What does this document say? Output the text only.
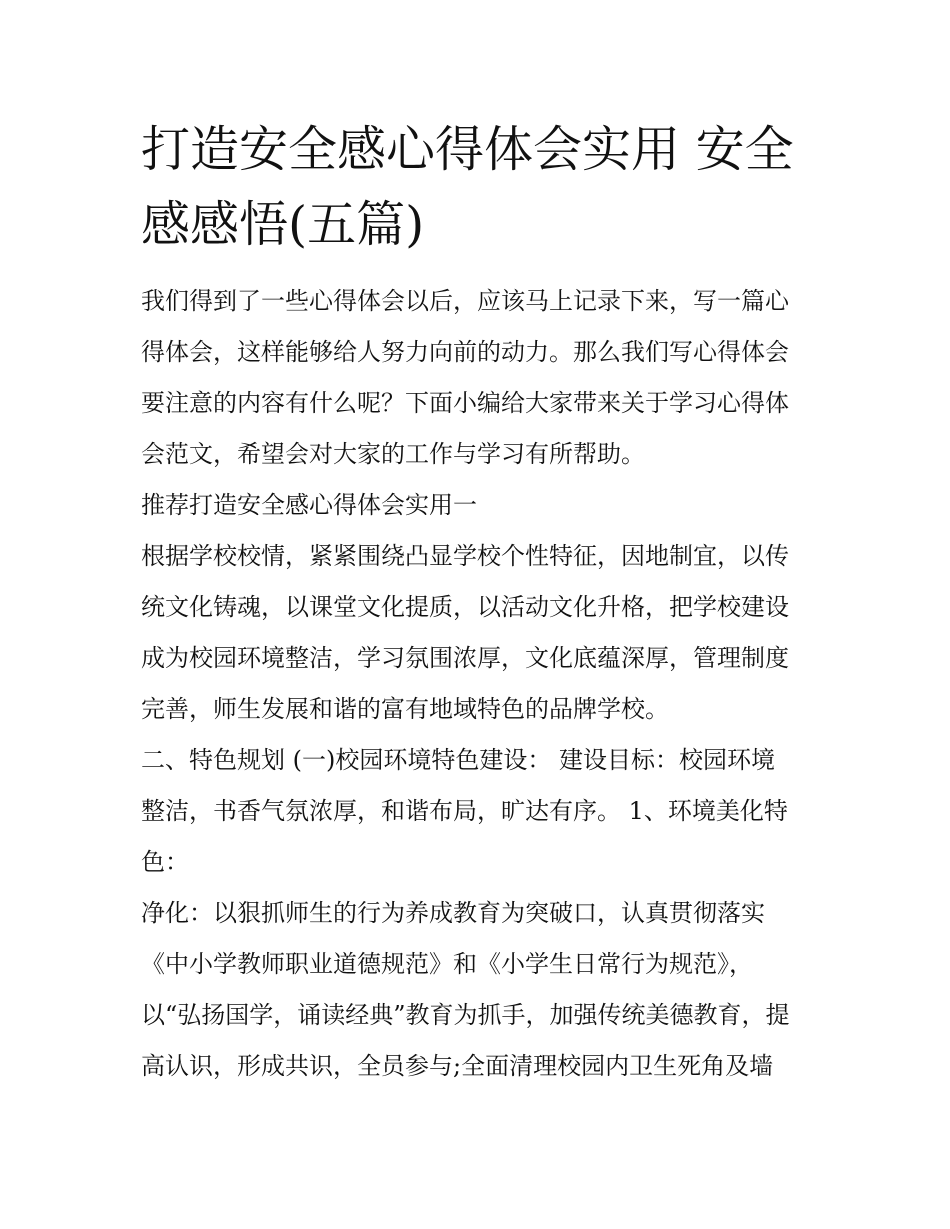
打造安全感心得体会实用 安全
感感悟(五篇)
我们得到了一些心得体会以后，应该马上记录下来，写一篇心
得体会，这样能够给人努力向前的动力。那么我们写心得体会
要注意的内容有什么呢？下面小编给大家带来关于学习心得体
会范文，希望会对大家的工作与学习有所帮助。
推荐打造安全感心得体会实用一
根据学校校情，紧紧围绕凸显学校个性特征，因地制宜，以传
统文化铸魂，以课堂文化提质，以活动文化升格，把学校建设
成为校园环境整洁，学习氛围浓厚，文化底蕴深厚，管理制度
完善，师生发展和谐的富有地域特色的品牌学校。
二、特色规划 (一)校园环境特色建设： 建设目标：校园环境
整洁，书香气氛浓厚，和谐布局，旷达有序。 1、环境美化特
色：
净化：以狠抓师生的行为养成教育为突破口，认真贯彻落实
《中小学教师职业道德规范》和《小学生日常行为规范》，
以“弘扬国学，诵读经典”教育为抓手，加强传统美德教育，提
高认识，形成共识，全员参与;全面清理校园内卫生死角及墙
